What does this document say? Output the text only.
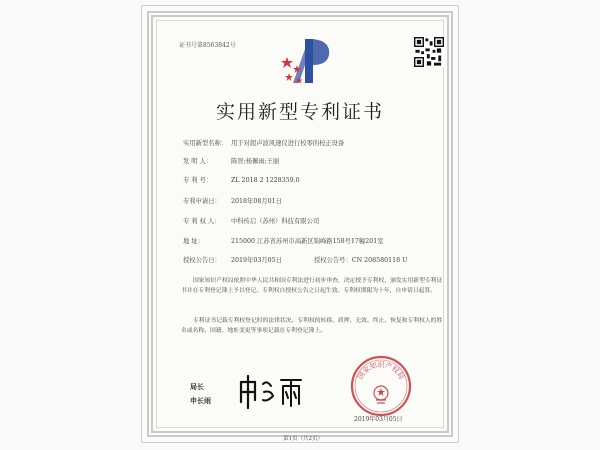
证书号第8563842号
实用新型专利证书
实用新型名称： 用于对超声波风速仪进行校零的校正设备
发 明 人：	陈智;杨佩雨;王丽
专 利 号：	ZL 2018 2 1228359.0
专利申请日： 2018年08月01日
专 利 权 人： 中科传启（苏州）科技有限公司
地 址：	215000 江苏省苏州市高新区锦峰路158号17幢201室
授权公告日： 2019年03月05日	授权公告号：CN 208580118 U
国家知识产权局依照中华人民共和国专利法进行初步审查，决定授予专利权，颁发实用新型专利证书并在专利登记簿上予以登记。专利权自授权公告之日起生效。专利权期限为十年，自申请日起算。
专利证书记载专利权登记时的法律状况。专利权的转移、质押、无效、终止、恢复和专利权人的姓名或名称、国籍、地址变更等事项记载在专利登记簿上。
局长
申长雨
国家知识产权局
2019年03月05日
第1页（共2页）
